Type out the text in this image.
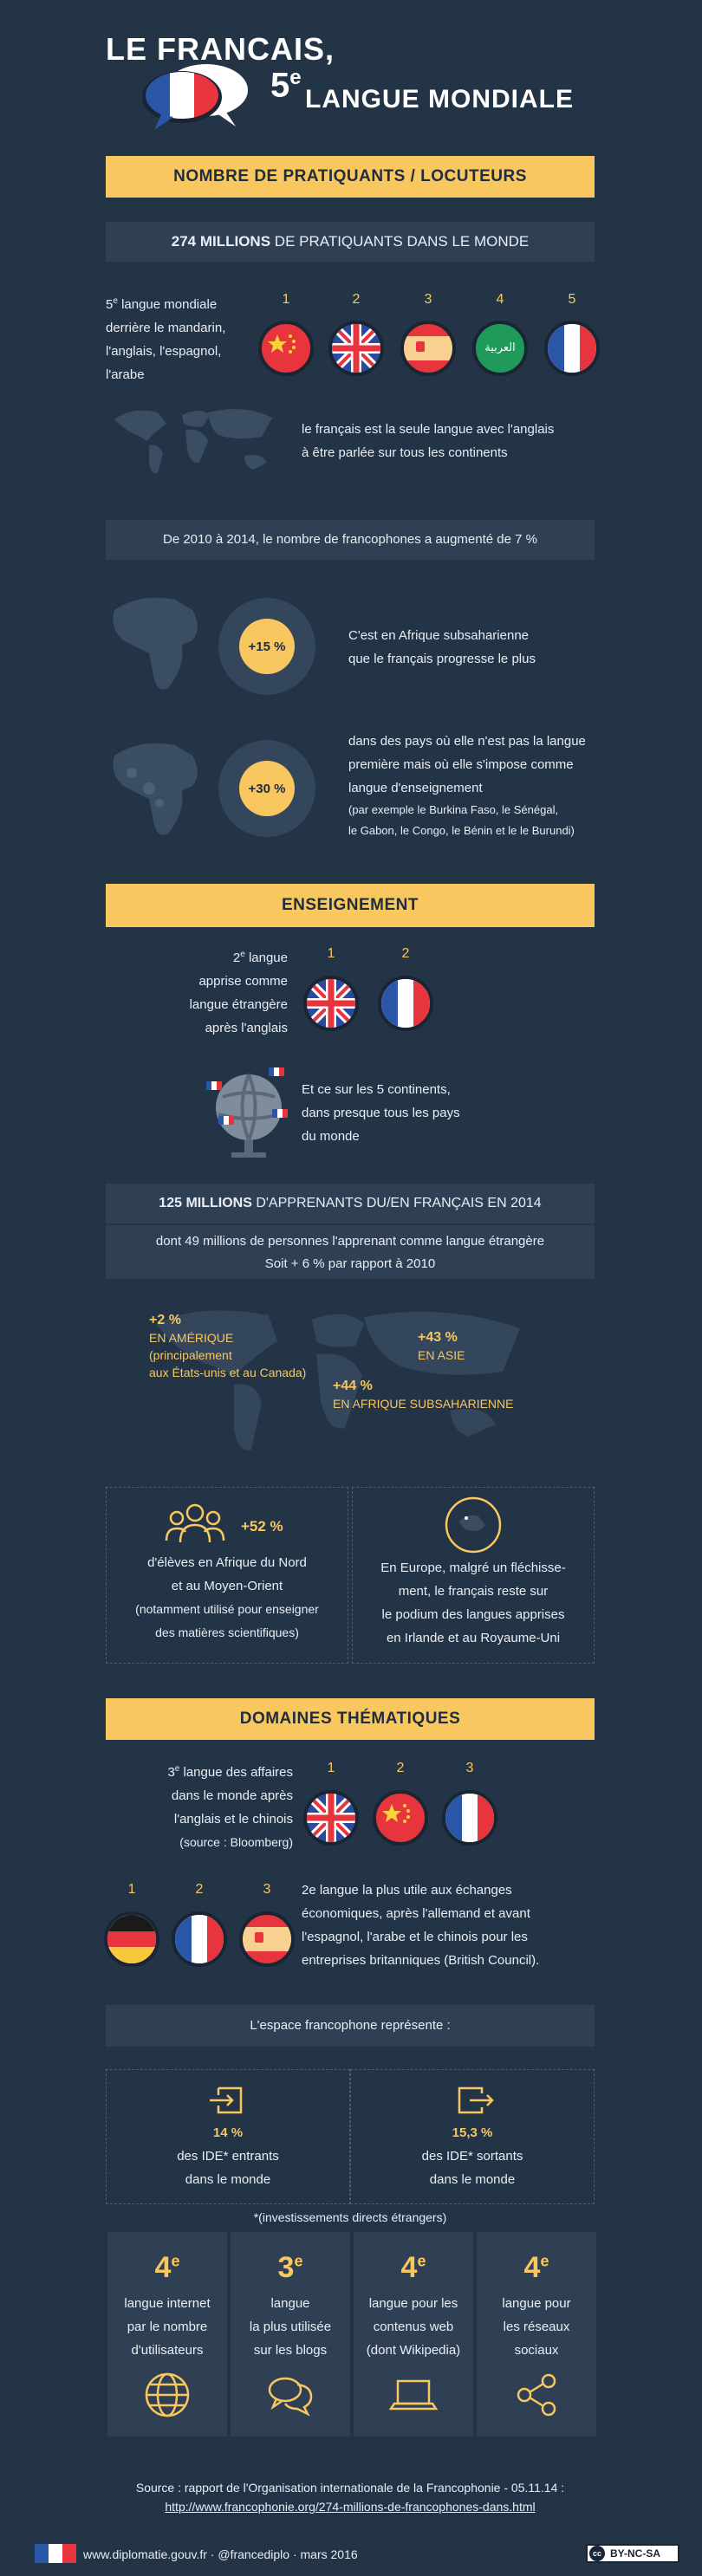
LE FRANCAIS,
5e
LANGUE MONDIALE
NOMBRE DE PRATIQUANTS / LOCUTEURS
274 MILLIONS DE PRATIQUANTS DANS LE MONDE
5e langue mondiale
derrière le mandarin,
l'anglais, l'espagnol,
l'arabe
1	2	3	4	5
العربية
le français est la seule langue avec l'anglais
à être parlée sur tous les continents
De 2010 à 2014, le nombre de francophones a augmenté de 7 %
+15 %
C'est en Afrique subsaharienne
que le français progresse le plus
+30 %
dans des pays où elle n'est pas la langue
première mais où elle s'impose comme
langue d'enseignement
(par exemple le Burkina Faso, le Sénégal,
le Gabon, le Congo, le Bénin et le le Burundi)
ENSEIGNEMENT
2e langue
apprise comme
langue étrangère
après l'anglais
1	2
Et ce sur les 5 continents,
dans presque tous les pays
du monde
125 MILLIONS D'APPRENANTS DU/EN FRANÇAIS EN 2014
dont 49 millions de personnes l'apprenant comme langue étrangère
Soit + 6 % par rapport à 2010
+2 %
EN AMÉRIQUE
(principalement
aux États-unis et au Canada)
+43 %
EN ASIE
+44 %
EN AFRIQUE SUBSAHARIENNE
+52 %
d'élèves en Afrique du Nord
et au Moyen-Orient
(notamment utilisé pour enseigner
des matières scientifiques)
En Europe, malgré un fléchisse-
ment, le français reste sur
le podium des langues apprises
en Irlande et au Royaume-Uni
DOMAINES THÉMATIQUES
3e langue des affaires
dans le monde après
l'anglais et le chinois
(source : Bloomberg)
1	2	3
1	2	3	2e langue la plus utile aux échanges
économiques, après l'allemand et avant
l'espagnol, l'arabe et le chinois pour les
entreprises britanniques (British Council).
L'espace francophone représente :
14 %
des IDE* entrants
dans le monde
15,3 %
des IDE* sortants
dans le monde
*(investissements directs étrangers)
4e
langue internet
par le nombre
d'utilisateurs
3e
langue
la plus utilisée
sur les blogs
4e
langue pour les
contenus web
(dont Wikipedia)
4e
langue pour
les réseaux
sociaux
Source : rapport de l'Organisation internationale de la Francophonie - 05.11.14 :
http://www.francophonie.org/274-millions-de-francophones-dans.html
www.diplomatie.gouv.fr · @francediplo · mars 2016	cc BY-NC-SA
